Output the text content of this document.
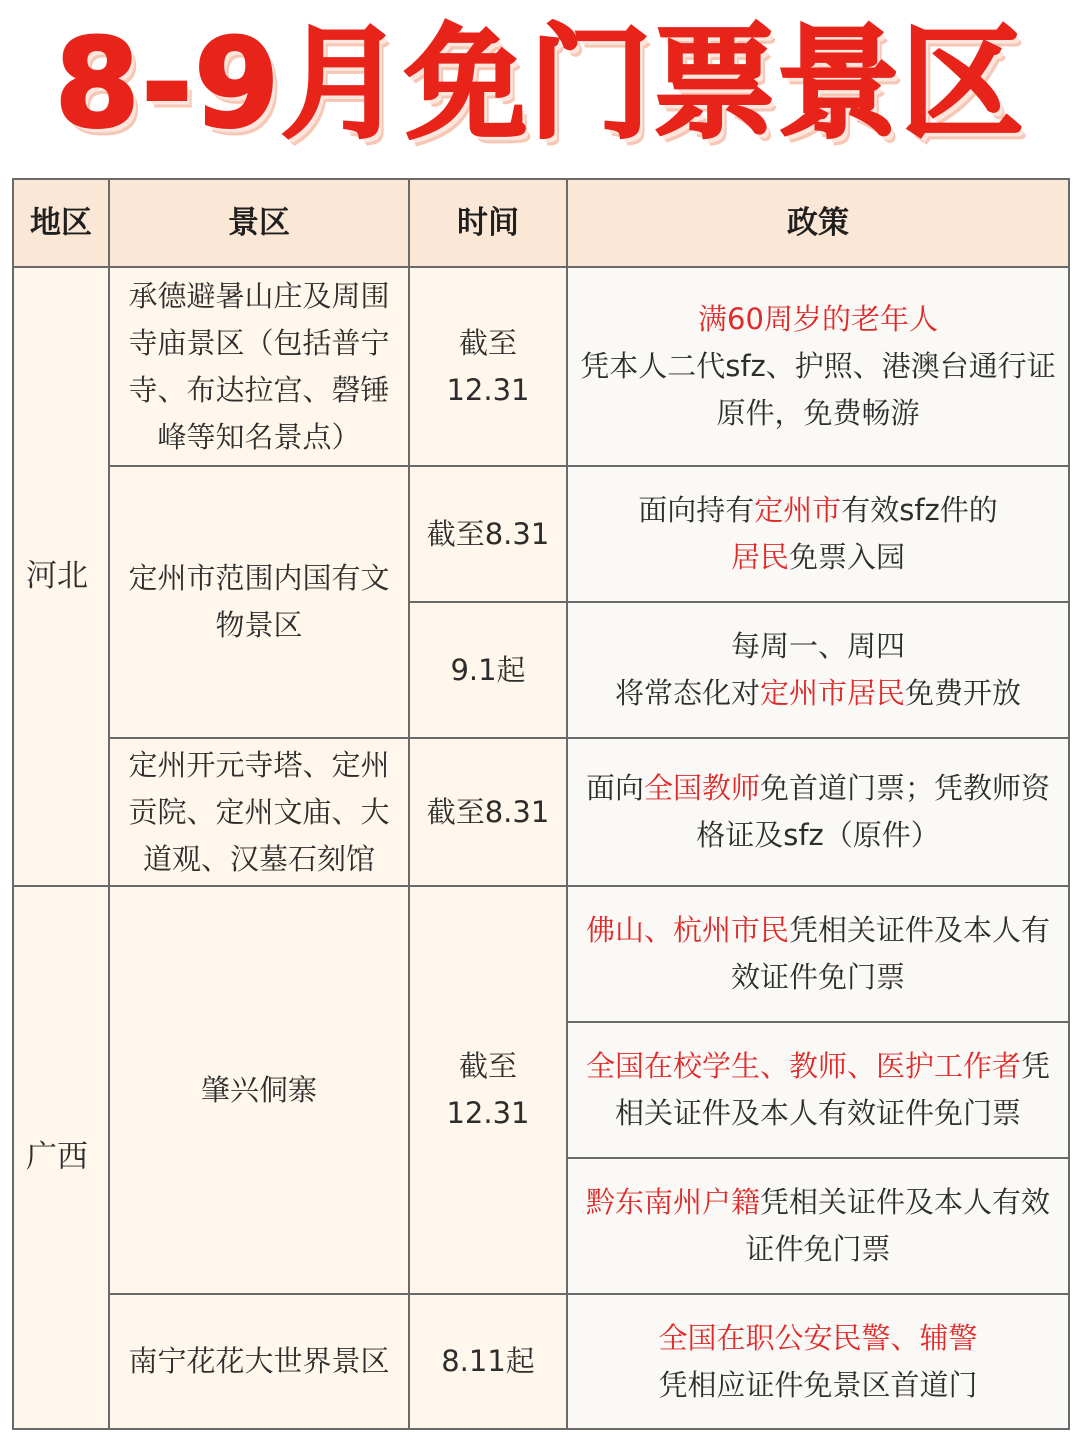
8-9月免门票景区
地区	景区	时间	政策
河北	承德避暑山庄及周围寺庙景区（包括普宁寺、布达拉宫、磬锤峰等知名景点）	截至12.31	满60周岁的老年人
凭本人二代sfz、护照、港澳台通行证原件，免费畅游
	定州市范围内国有文物景区	截至8.31	面向持有定州市有效sfz件的
居民免票入园
		9.1起	每周一、周四
将常态化对定州市居民免费开放
	定州开元寺塔、定州贡院、定州文庙、大道观、汉墓石刻馆	截至8.31	面向全国教师免首道门票；凭教师资格证及sfz（原件）
广西	肇兴侗寨	截至12.31	佛山、杭州市民凭相关证件及本人有效证件免门票
			全国在校学生、教师、医护工作者凭相关证件及本人有效证件免门票
			黔东南州户籍凭相关证件及本人有效证件免门票
	南宁花花大世界景区	8.11起	全国在职公安民警、辅警
凭相应证件免景区首道门
